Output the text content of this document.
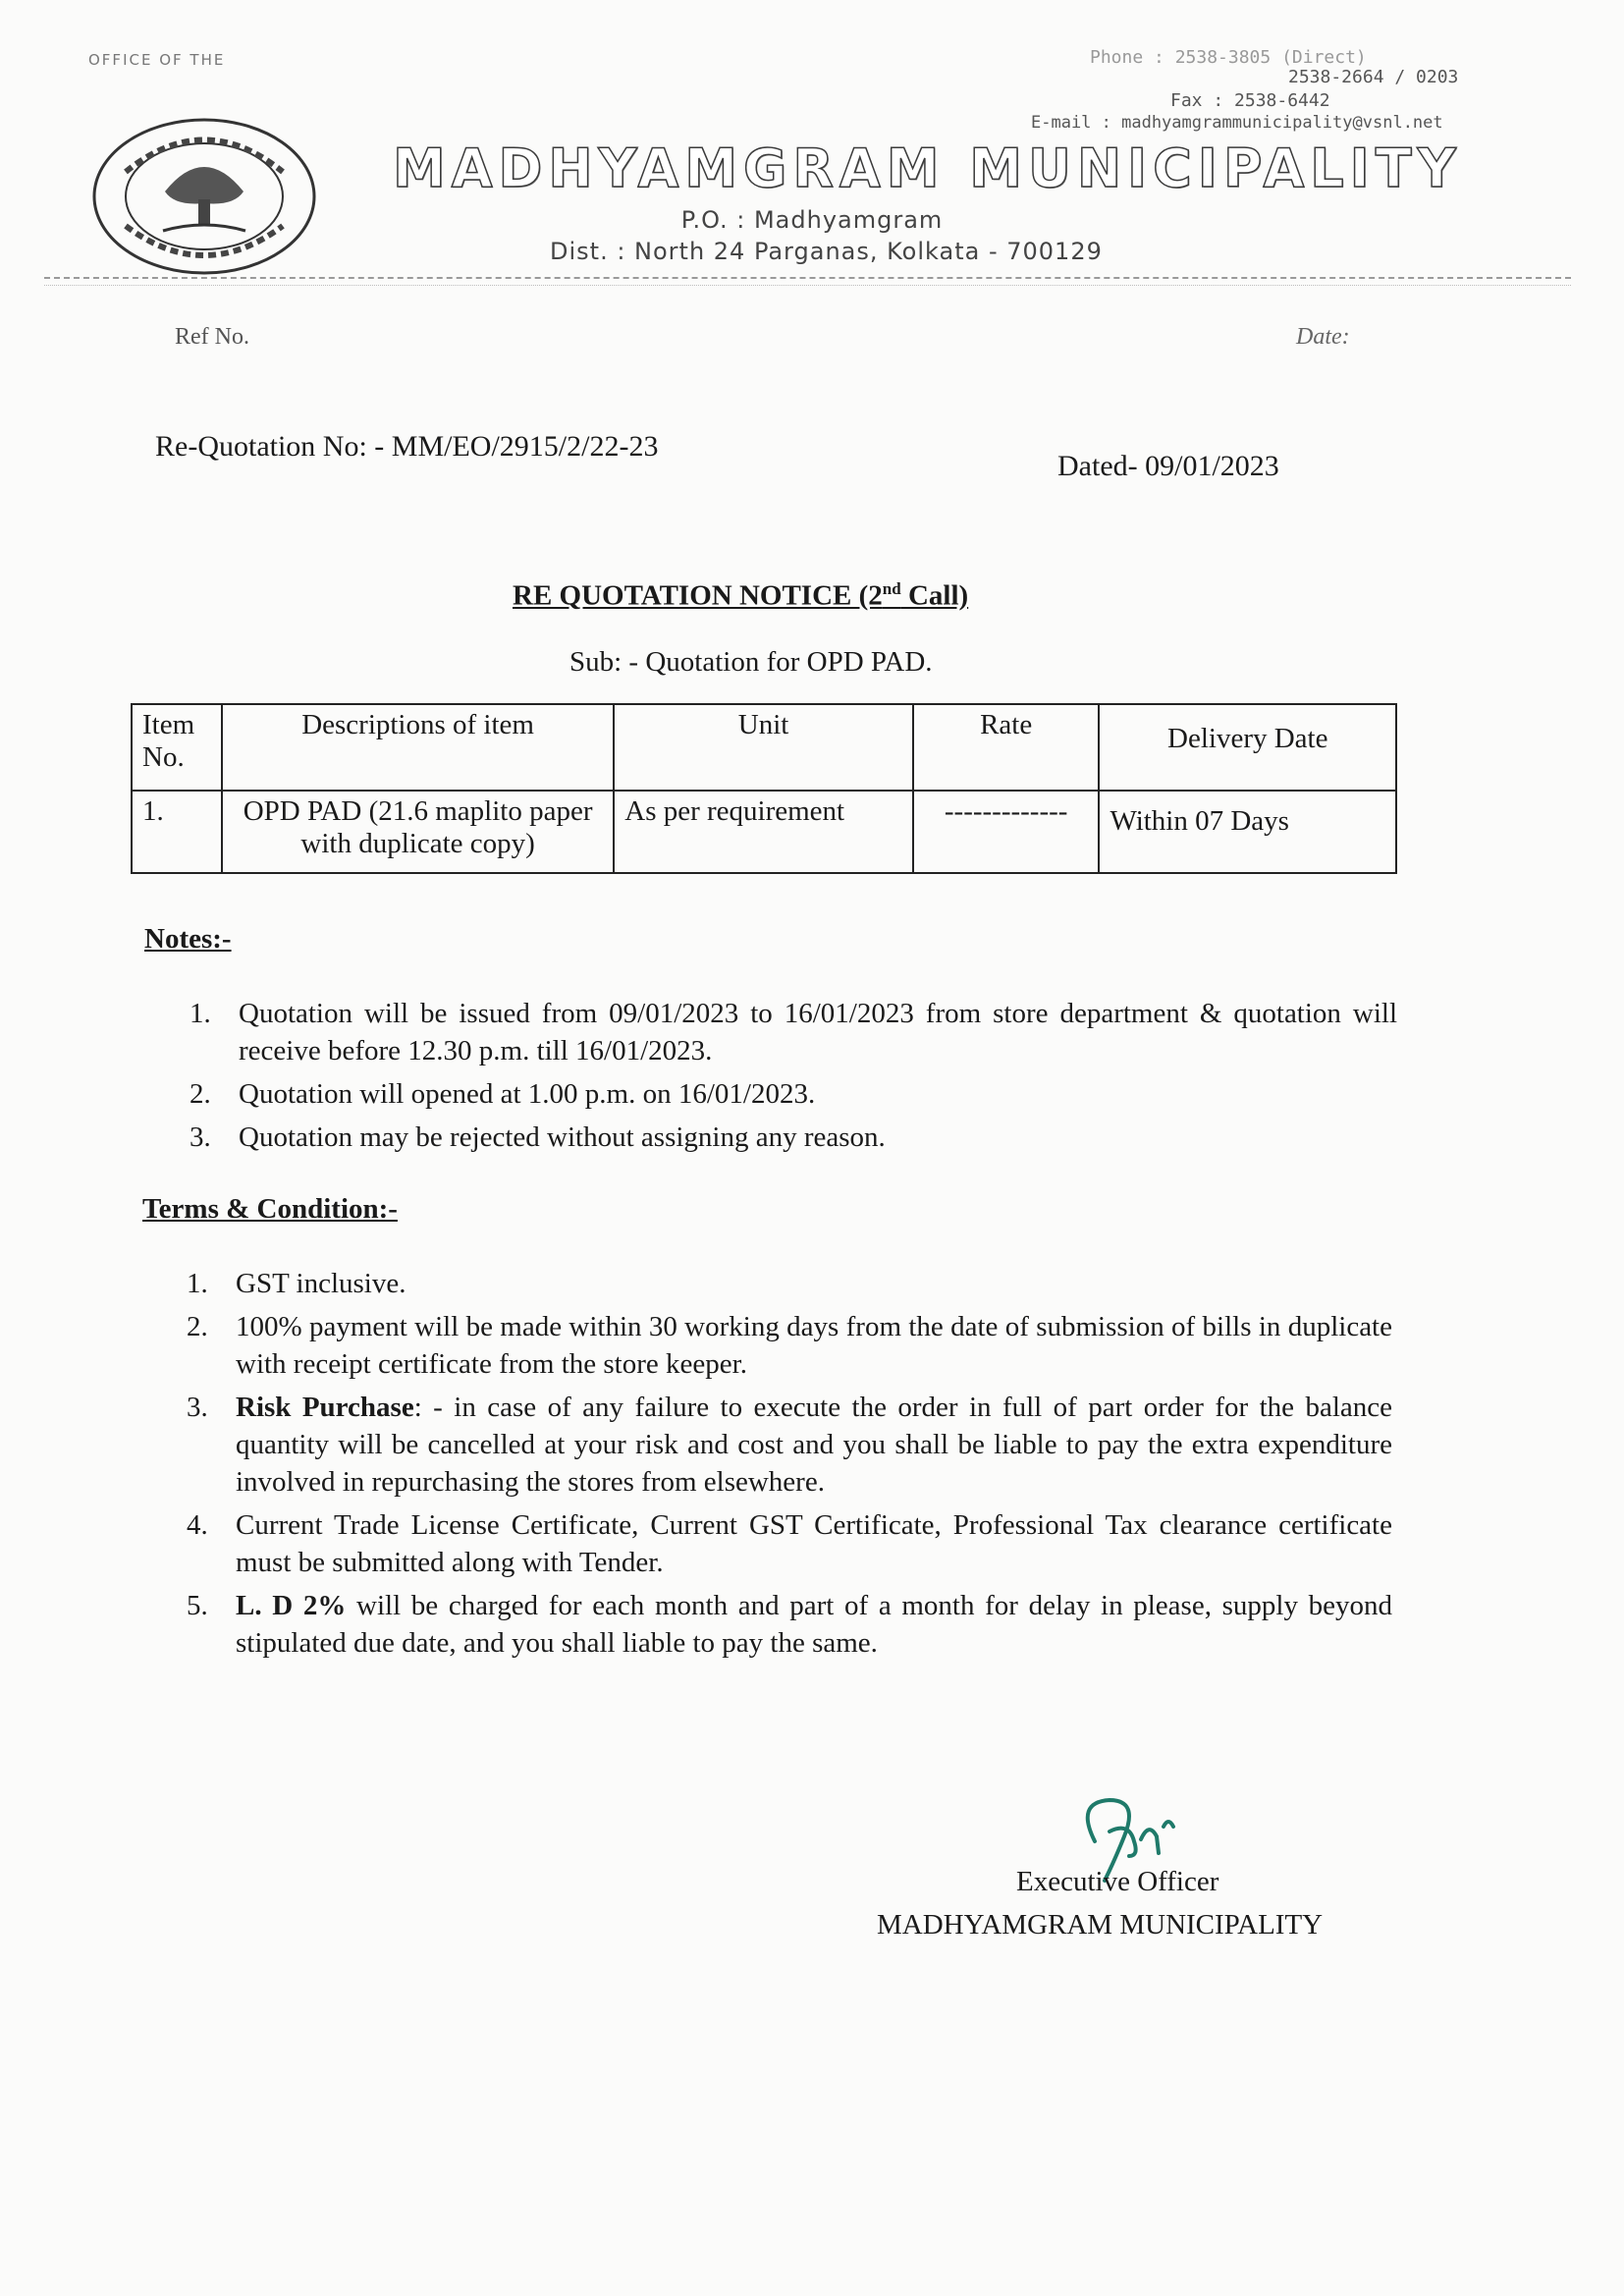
OFFICE OF THE	Phone : 2538-3805 (Direct)
2538-2664 / 0203
Fax : 2538-6442
E-mail : madhyamgrammunicipality@vsnl.net
MADHYAMGRAM MUNICIPALITY
P.O. : Madhyamgram
Dist. : North 24 Parganas, Kolkata - 700129
Ref No.	Date:
Re-Quotation No: - MM/EO/2915/2/22-23
Dated- 09/01/2023
RE QUOTATION NOTICE (2nd Call)
Sub: - Quotation for OPD PAD.
Item No.	Descriptions of item	Unit	Rate	Delivery Date
1.	OPD PAD (21.6 maplito paper with duplicate copy)	As per requirement	-------------	Within 07 Days
Notes:-
1. Quotation will be issued from 09/01/2023 to 16/01/2023 from store department & quotation will receive before 12.30 p.m. till 16/01/2023.
2. Quotation will opened at 1.00 p.m. on 16/01/2023.
3. Quotation may be rejected without assigning any reason.
Terms & Condition:-
1. GST inclusive.
2. 100% payment will be made within 30 working days from the date of submission of bills in duplicate with receipt certificate from the store keeper.
3. Risk Purchase: - in case of any failure to execute the order in full of part order for the balance quantity will be cancelled at your risk and cost and you shall be liable to pay the extra expenditure involved in repurchasing the stores from elsewhere.
4. Current Trade License Certificate, Current GST Certificate, Professional Tax clearance certificate must be submitted along with Tender.
5. L. D 2% will be charged for each month and part of a month for delay in please, supply beyond stipulated due date, and you shall liable to pay the same.
Executive Officer
MADHYAMGRAM MUNICIPALITY
